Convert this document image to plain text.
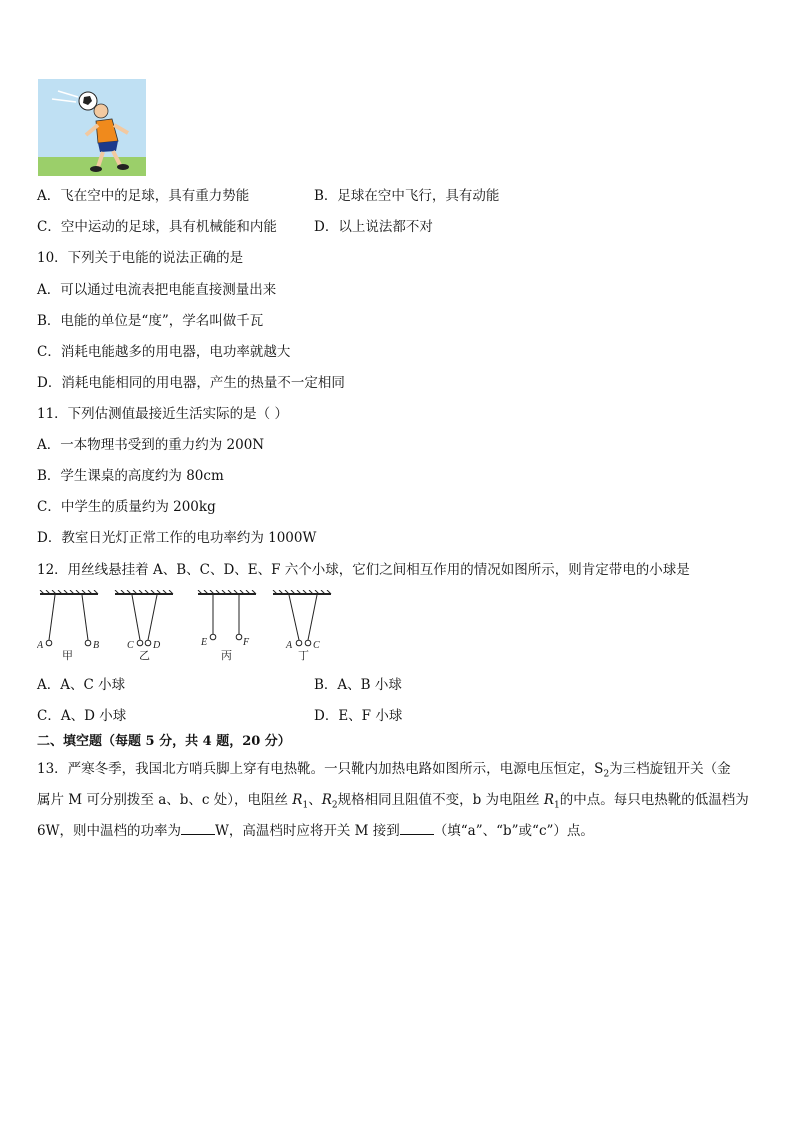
A．飞在空中的足球，具有重力势能	B．足球在空中飞行，具有动能
C．空中运动的足球，具有机械能和内能	D．以上说法都不对
10．下列关于电能的说法正确的是
A．可以通过电流表把电能直接测量出来
B．电能的单位是“度”，学名叫做千瓦
C．消耗电能越多的用电器，电功率就越大
D．消耗电能相同的用电器，产生的热量不一定相同
11．下列估测值最接近生活实际的是（ ）
A．一本物理书受到的重力约为 200N
B．学生课桌的高度约为 80cm
C．中学生的质量约为 200kg
D．教室日光灯正常工作的电功率约为 1000W
12．用丝线悬挂着 A、B、C、D、E、F 六个小球，它们之间相互作用的情况如图所示，则肯定带电的小球是
A	B	C D	E	F	A C
甲	乙	丙	丁
A．A、C 小球	B．A、B 小球
C．A、D 小球	D．E、F 小球
二、填空题（每题 5 分，共 4 题，20 分）
13．严寒冬季，我国北方哨兵脚上穿有电热靴。一只靴内加热电路如图所示，电源电压恒定，$S_2$为三档旋钮开关（金
属片 M 可分别拨至 a、b、c 处），电阻丝 $R_1$、$R_2$规格相同且阻值不变，b 为电阻丝 $R_1$的中点。每只电热靴的低温档为
6W，则中温档的功率为	W，高温档时应将开关 M 接到	（填“a”、“b”或“c”）点。
